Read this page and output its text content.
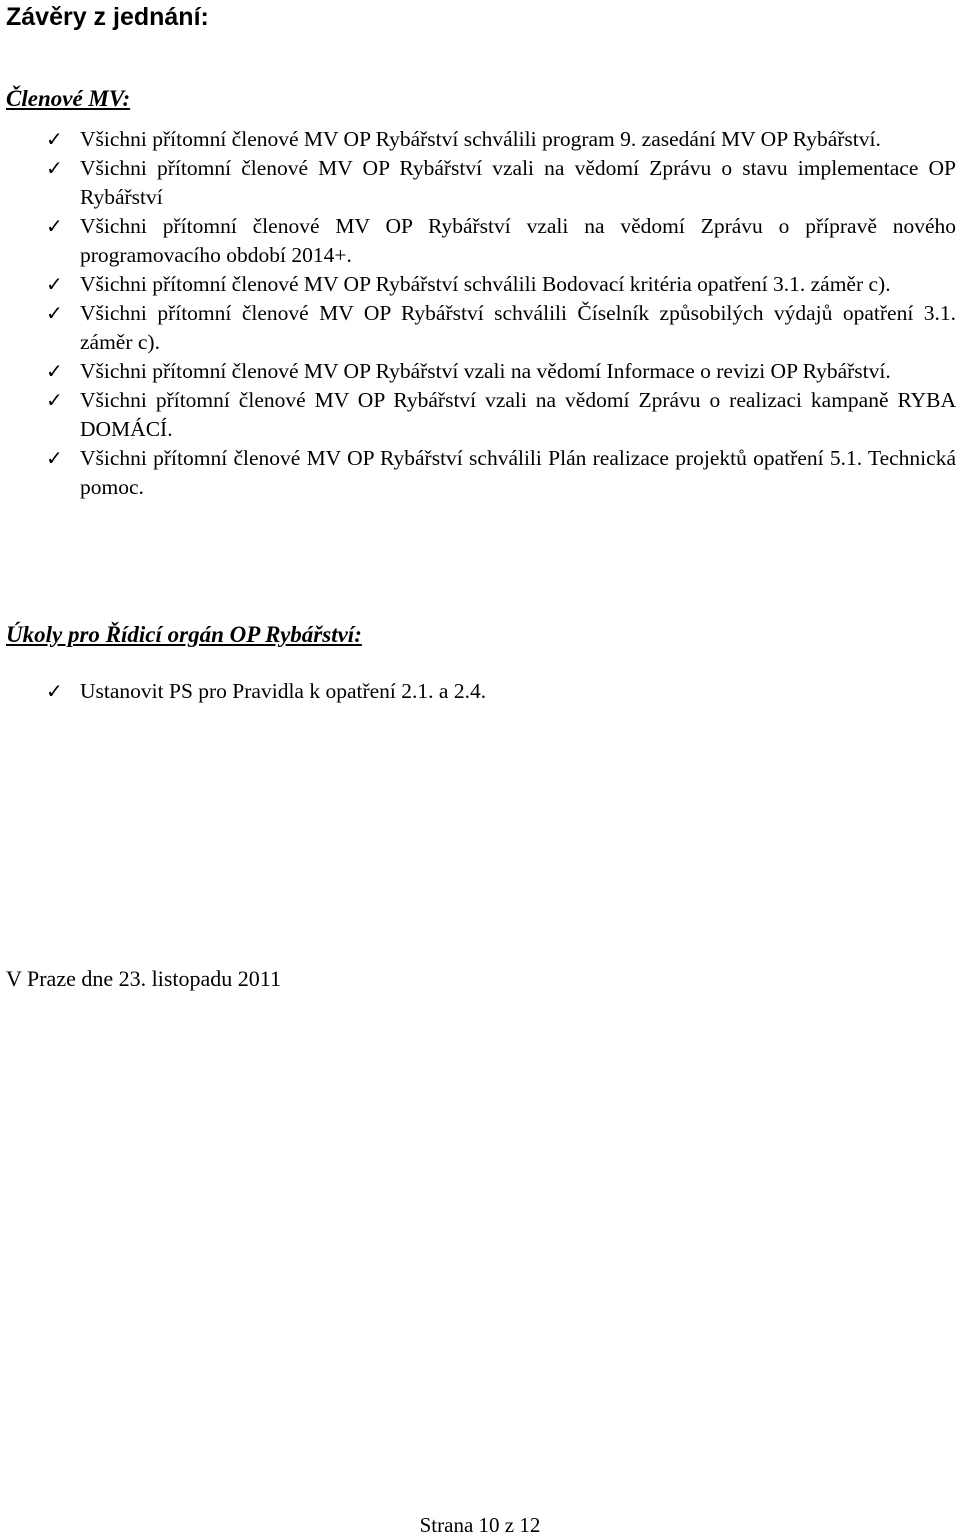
Závěry z jednání:
Členové MV:
✓ Všichni přítomní členové MV OP Rybářství schválili program 9. zasedání MV OP Rybářství.
✓ Všichni přítomní členové MV OP Rybářství vzali na vědomí Zprávu o stavu implementace OP Rybářství
✓ Všichni přítomní členové MV OP Rybářství vzali na vědomí Zprávu o přípravě nového programovacího období 2014+.
✓ Všichni přítomní členové MV OP Rybářství schválili Bodovací kritéria opatření 3.1. záměr c).
✓ Všichni přítomní členové MV OP Rybářství schválili Číselník způsobilých výdajů opatření 3.1. záměr c).
✓ Všichni přítomní členové MV OP Rybářství vzali na vědomí Informace o revizi OP Rybářství.
✓ Všichni přítomní členové MV OP Rybářství vzali na vědomí Zprávu o realizaci kampaně RYBA DOMÁCÍ.
✓ Všichni přítomní členové MV OP Rybářství schválili Plán realizace projektů opatření 5.1. Technická pomoc.
Úkoly pro Řídicí orgán OP Rybářství:
✓ Ustanovit PS pro Pravidla k opatření 2.1. a 2.4.

V Praze dne 23. listopadu 2011

Strana 10 z 12
